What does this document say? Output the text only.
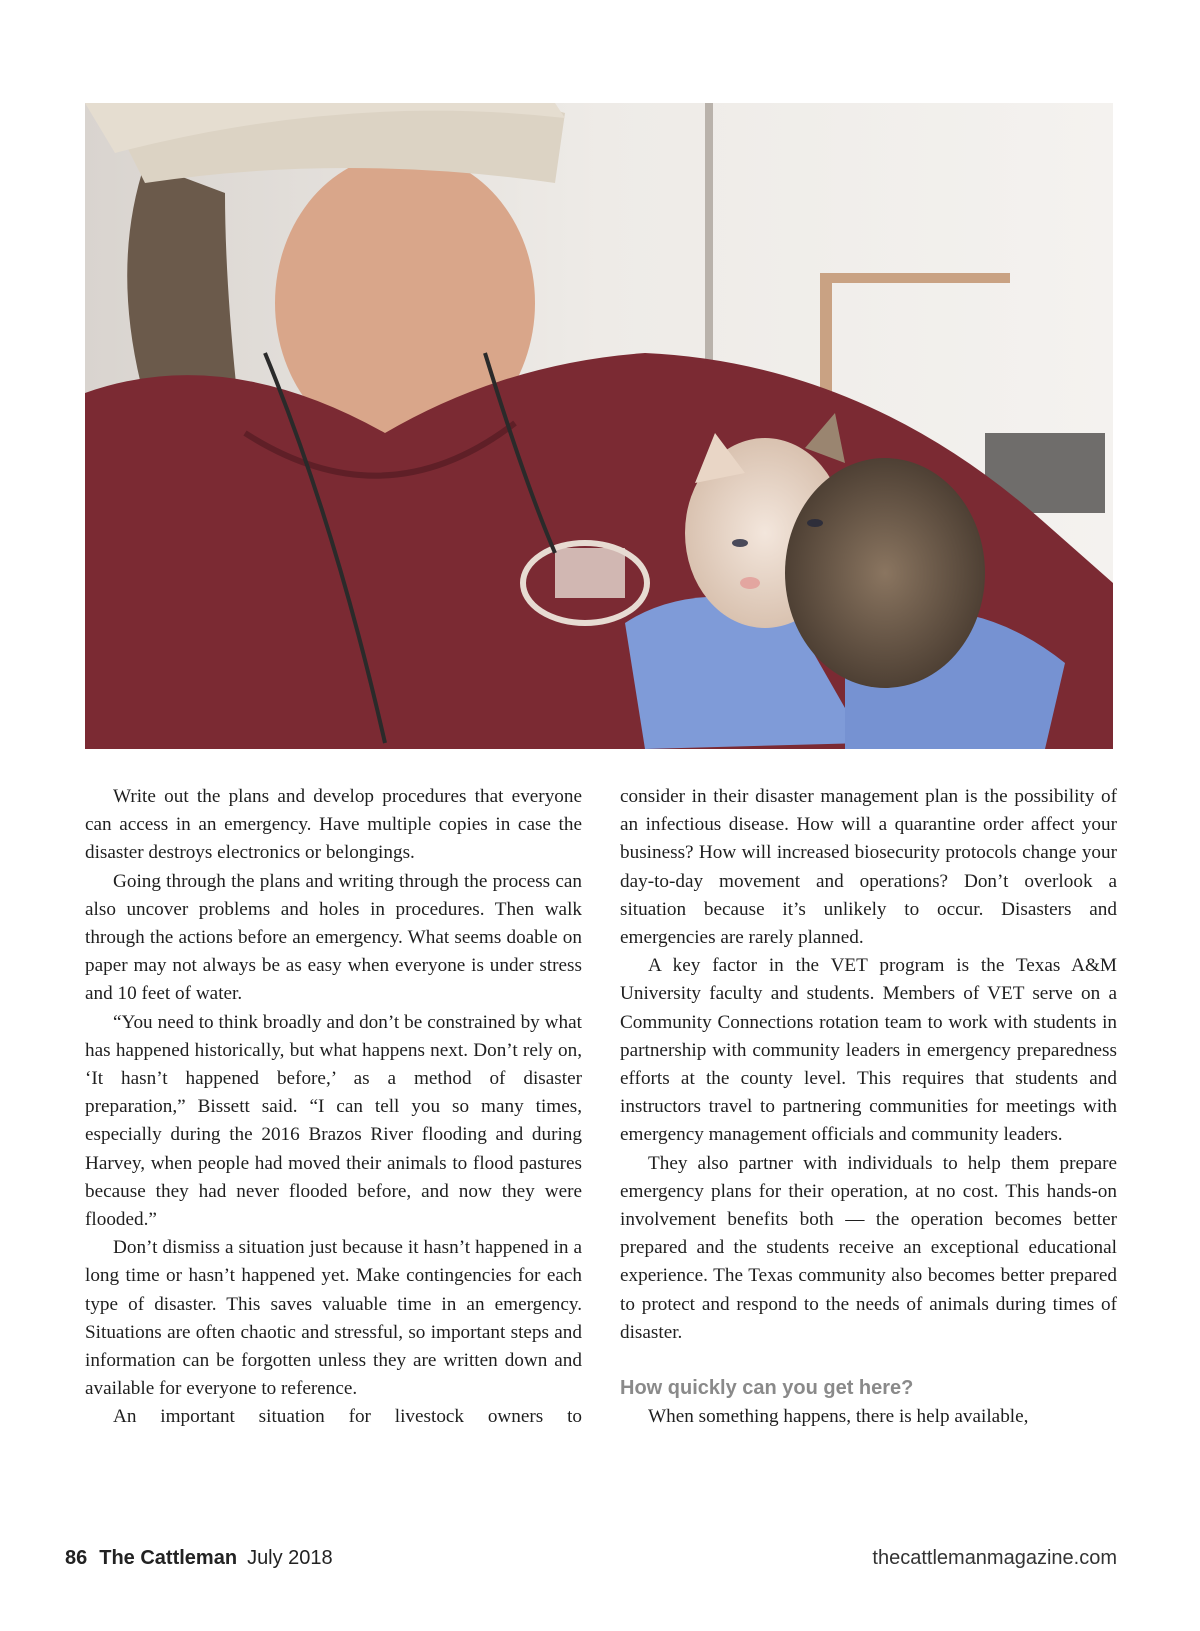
Write out the plans and develop procedures that everyone can access in an emergency. Have multiple copies in case the disaster destroys electronics or belongings.

Going through the plans and writing through the process can also uncover problems and holes in procedures. Then walk through the actions before an emergency. What seems doable on paper may not always be as easy when everyone is under stress and 10 feet of water.

“You need to think broadly and don’t be constrained by what has happened historically, but what happens next. Don’t rely on, ‘It hasn’t happened before,’ as a method of disaster preparation,” Bissett said. “I can tell you so many times, especially during the 2016 Brazos River flooding and during Harvey, when people had moved their animals to flood pastures because they had never flooded before, and now they were flooded.”

Don’t dismiss a situation just because it hasn’t happened in a long time or hasn’t happened yet. Make contingencies for each type of disaster. This saves valuable time in an emergency. Situations are often chaotic and stressful, so important steps and information can be forgotten unless they are written down and available for everyone to reference.

An important situation for livestock owners to

consider in their disaster management plan is the possibility of an infectious disease. How will a quarantine order affect your business? How will increased biosecurity protocols change your day-to-day movement and operations? Don’t overlook a situation because it’s unlikely to occur. Disasters and emergencies are rarely planned.

A key factor in the VET program is the Texas A&M University faculty and students. Members of VET serve on a Community Connections rotation team to work with students in partnership with community leaders in emergency preparedness efforts at the county level. This requires that students and instructors travel to partnering communities for meetings with emergency management officials and community leaders.

They also partner with individuals to help them prepare emergency plans for their operation, at no cost. This hands-on involvement benefits both — the operation becomes better prepared and the students receive an exceptional educational experience. The Texas community also becomes better prepared to protect and respond to the needs of animals during times of disaster.

How quickly can you get here?

When something happens, there is help available,

86 The Cattleman July 2018	thecattlemanmagazine.com
